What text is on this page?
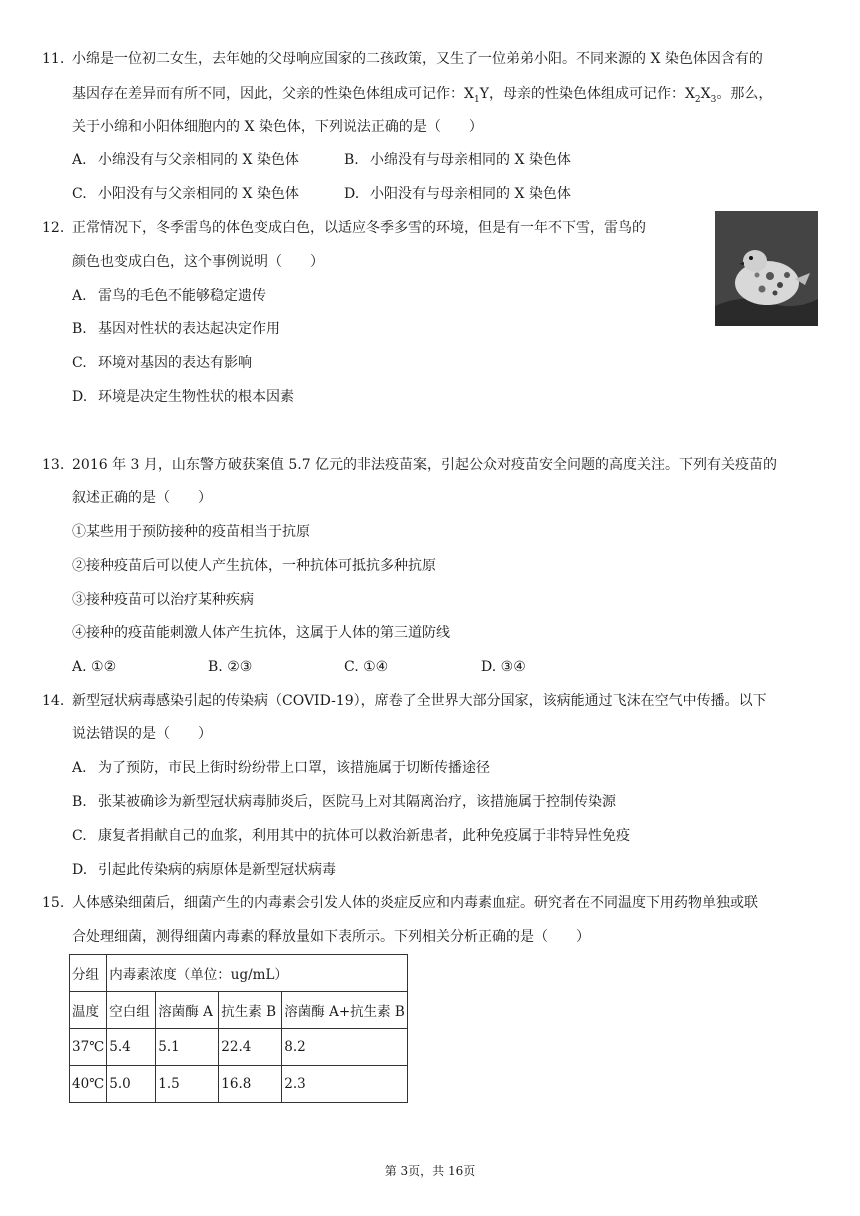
11. 小绵是一位初二女生，去年她的父母响应国家的二孩政策，又生了一位弟弟小阳。不同来源的 X 染色体因含有的
基因存在差异而有所不同，因此，父亲的性染色体组成可记作：$X_1Y$，母亲的性染色体组成可记作：$X_2X_3$。那么，
关于小绵和小阳体细胞内的 X 染色体，下列说法正确的是（　　）
A. 小绵没有与父亲相同的 X 染色体	B. 小绵没有与母亲相同的 X 染色体
C. 小阳没有与父亲相同的 X 染色体	D. 小阳没有与母亲相同的 X 染色体
12. 正常情况下，冬季雷鸟的体色变成白色，以适应冬季多雪的环境，但是有一年不下雪，雷鸟的
颜色也变成白色，这个事例说明（　　）
A. 雷鸟的毛色不能够稳定遗传
B. 基因对性状的表达起决定作用
C. 环境对基因的表达有影响
D. 环境是决定生物性状的根本因素
13. 2016 年 3 月，山东警方破获案值 5.7 亿元的非法疫苗案，引起公众对疫苗安全问题的高度关注。下列有关疫苗的
叙述正确的是（　　）
①某些用于预防接种的疫苗相当于抗原
②接种疫苗后可以使人产生抗体，一种抗体可抵抗多种抗原
③接种疫苗可以治疗某种疾病
④接种的疫苗能刺激人体产生抗体，这属于人体的第三道防线
A. ①②	B. ②③	C. ①④	D. ③④
14. 新型冠状病毒感染引起的传染病（COVID-19），席卷了全世界大部分国家，该病能通过飞沫在空气中传播。以下
说法错误的是（　　）
A. 为了预防，市民上街时纷纷带上口罩，该措施属于切断传播途径
B. 张某被确诊为新型冠状病毒肺炎后，医院马上对其隔离治疗，该措施属于控制传染源
C. 康复者捐献自己的血浆，利用其中的抗体可以救治新患者，此种免疫属于非特异性免疫
D. 引起此传染病的病原体是新型冠状病毒
15. 人体感染细菌后，细菌产生的内毒素会引发人体的炎症反应和内毒素血症。研究者在不同温度下用药物单独或联
合处理细菌，测得细菌内毒素的释放量如下表所示。下列相关分析正确的是（　　）
分组	内毒素浓度（单位：ug/mL）			
温度	空白组	溶菌酶 A	抗生素 B	溶菌酶 A+抗生素 B
37℃	5.4	5.1	22.4	8.2
40℃	5.0	1.5	16.8	2.3
第 3页，共 16页
